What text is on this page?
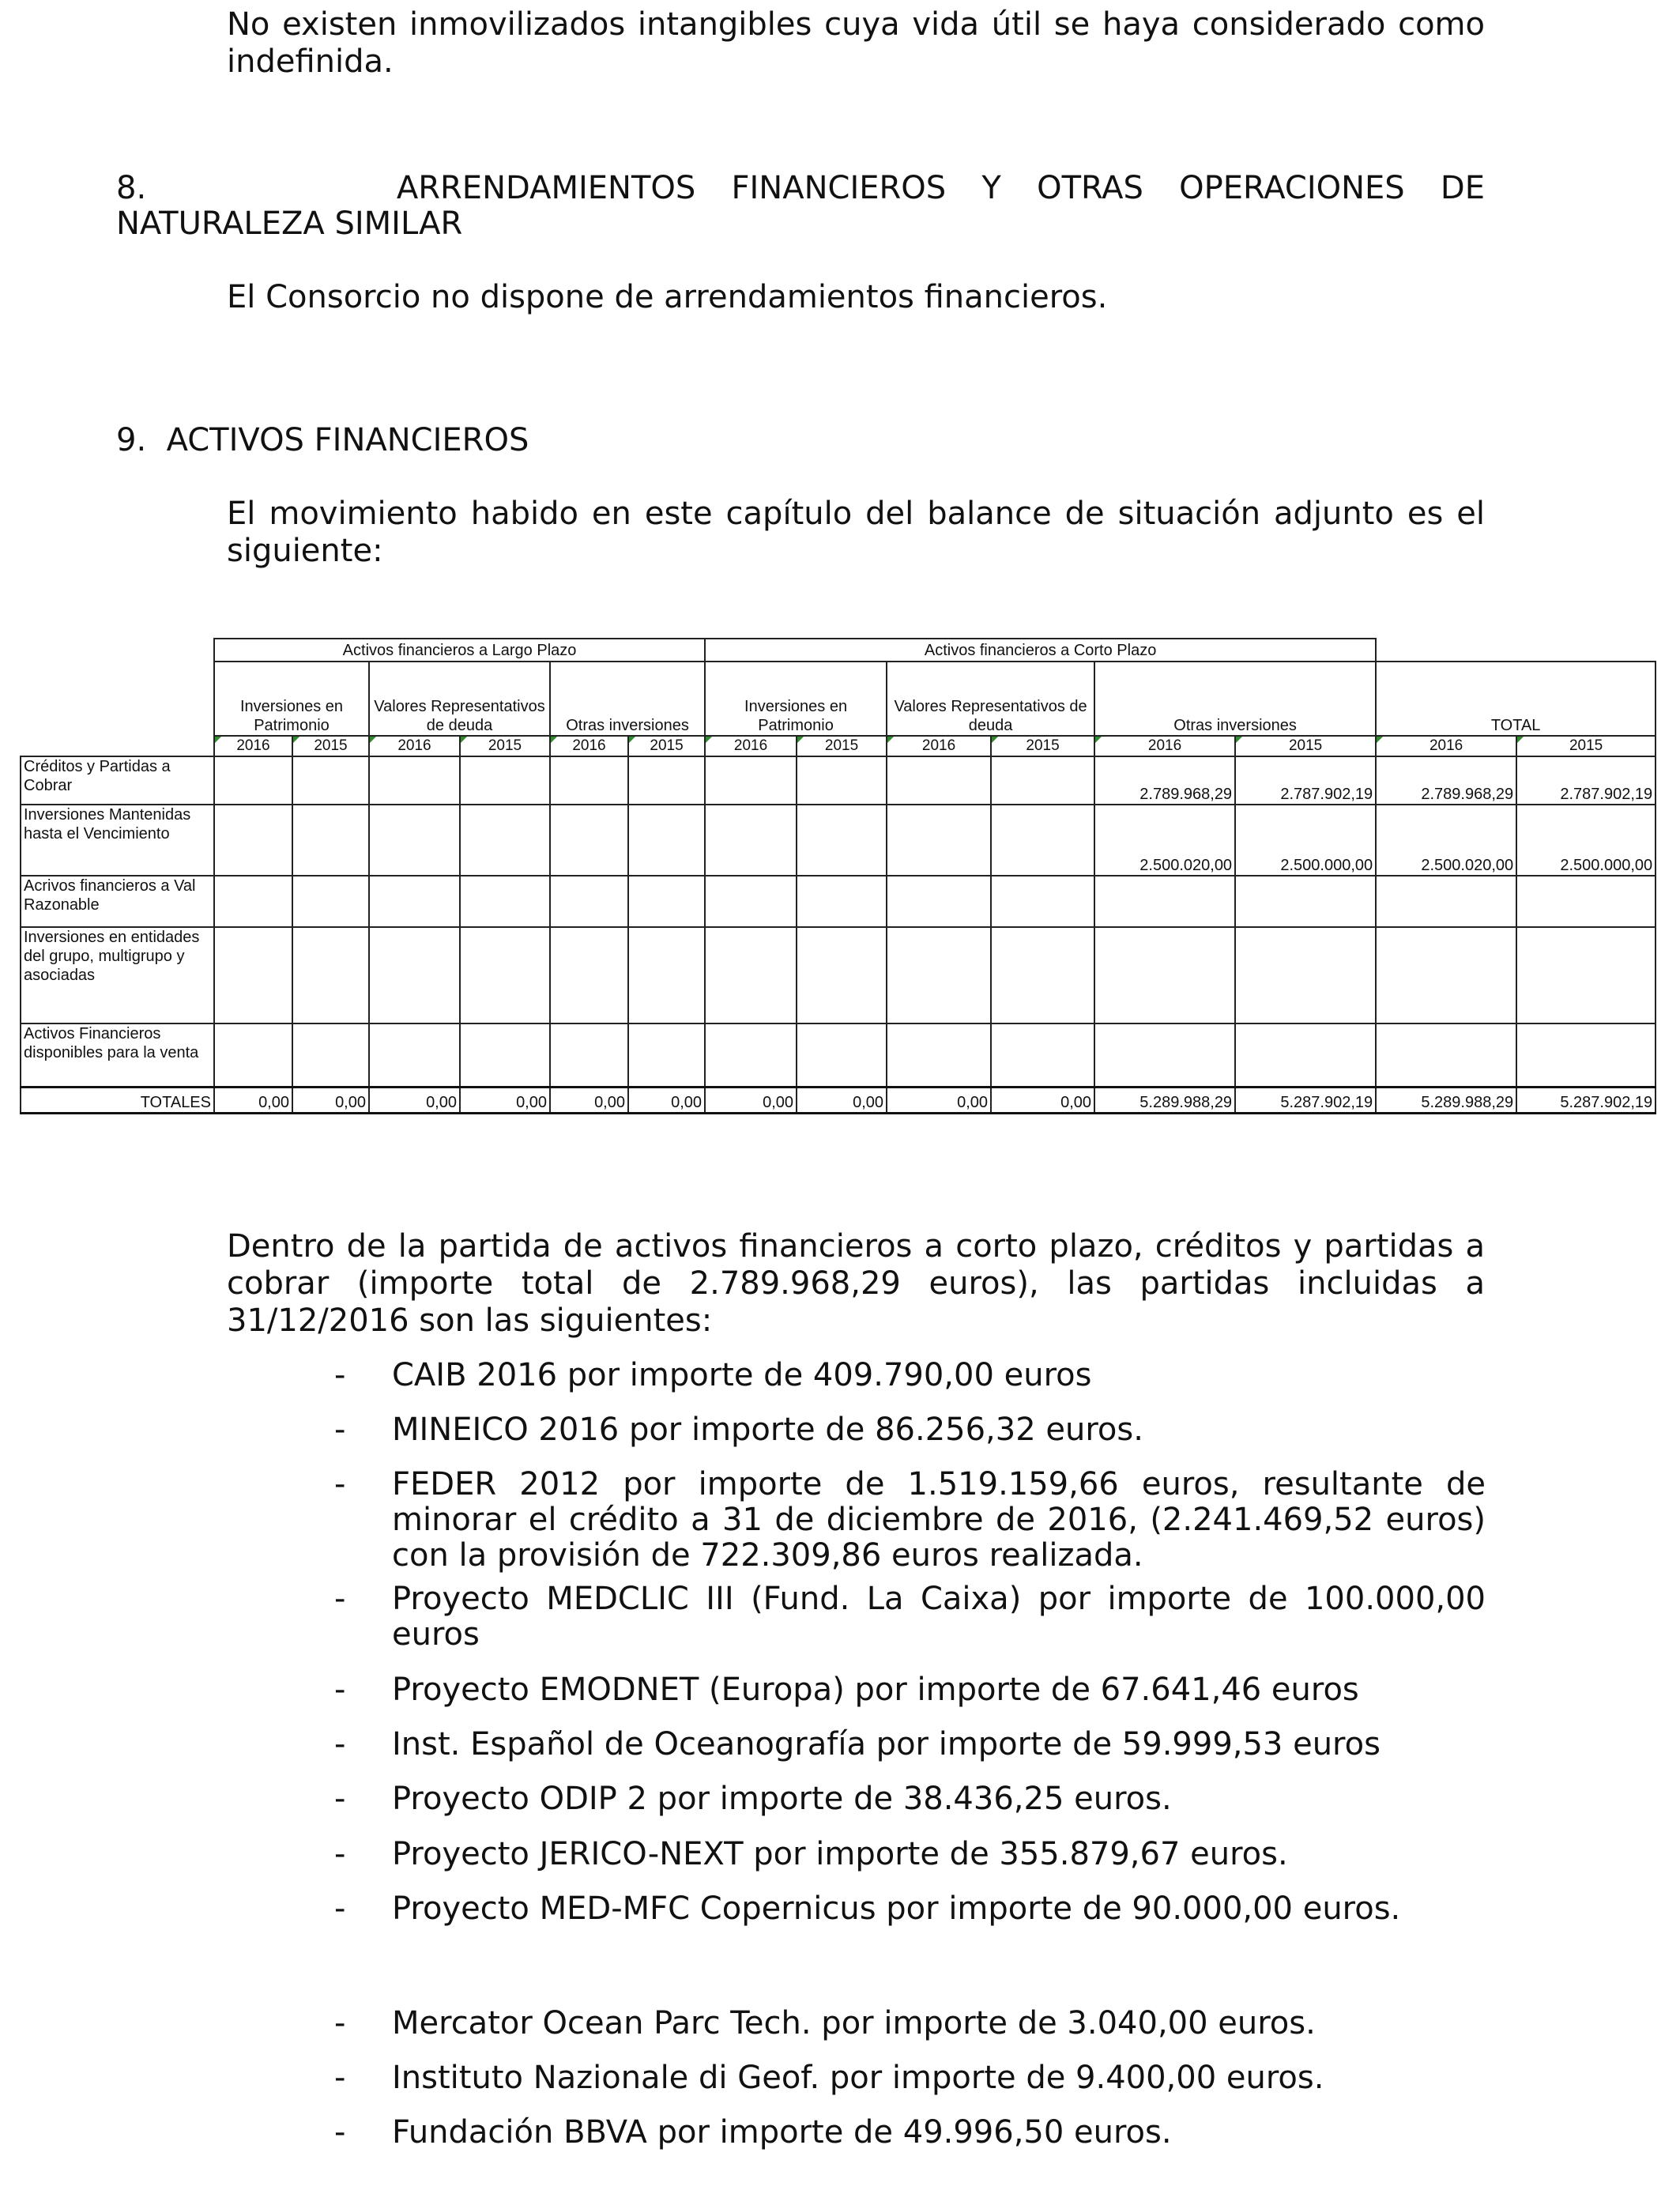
No existen inmovilizados intangibles cuya vida útil se haya considerado como indefinida.

8.       ARRENDAMIENTOS FINANCIEROS Y OTRAS OPERACIONES DE

NATURALEZA SIMILAR

El Consorcio no dispone de arrendamientos financieros.

9.  ACTIVOS FINANCIEROS

El movimiento habido en este capítulo del balance de situación adjunto es el siguiente:

	Activos financieros a Largo Plazo						Activos financieros a Corto Plazo							
	Inversiones en Patrimonio		Valores Representativos de deuda		Otras inversiones		Inversiones en Patrimonio		Valores Representativos de deuda		Otras inversiones		TOTAL	
	2016	2015	2016	2015	2016	2015	2016	2015	2016	2015	2016	2015	2016	2015
Créditos y Partidas a Cobrar											2.789.968,29	2.787.902,19	2.789.968,29	2.787.902,19
Inversiones Mantenidas hasta el Vencimiento											2.500.020,00	2.500.000,00	2.500.020,00	2.500.000,00
Acrivos financieros a Val Razonable														
Inversiones en entidades del grupo, multigrupo y asociadas														
Activos Financieros disponibles para la venta														
TOTALES	0,00	0,00	0,00	0,00	0,00	0,00	0,00	0,00	0,00	0,00	5.289.988,29	5.287.902,19	5.289.988,29	5.287.902,19

Dentro de la partida de activos financieros a corto plazo, créditos y partidas a cobrar (importe total de 2.789.968,29 euros), las partidas incluidas a 31/12/2016 son las siguientes:

-	CAIB 2016 por importe de 409.790,00 euros
-	MINEICO 2016 por importe de 86.256,32 euros.
-	FEDER 2012 por importe de 1.519.159,66 euros, resultante de minorar el crédito a 31 de diciembre de 2016, (2.241.469,52 euros) con la provisión de 722.309,86 euros realizada.
-	Proyecto MEDCLIC III (Fund. La Caixa) por importe de 100.000,00 euros
-	Proyecto EMODNET (Europa) por importe de 67.641,46 euros
-	Inst. Español de Oceanografía por importe de 59.999,53 euros
-	Proyecto ODIP 2 por importe de 38.436,25 euros.
-	Proyecto JERICO-NEXT por importe de 355.879,67 euros.
-	Proyecto MED-MFC Copernicus por importe de 90.000,00 euros.
-	Mercator Ocean Parc Tech. por importe de 3.040,00 euros.
-	Instituto Nazionale di Geof. por importe de 9.400,00 euros.
-	Fundación BBVA por importe de 49.996,50 euros.
